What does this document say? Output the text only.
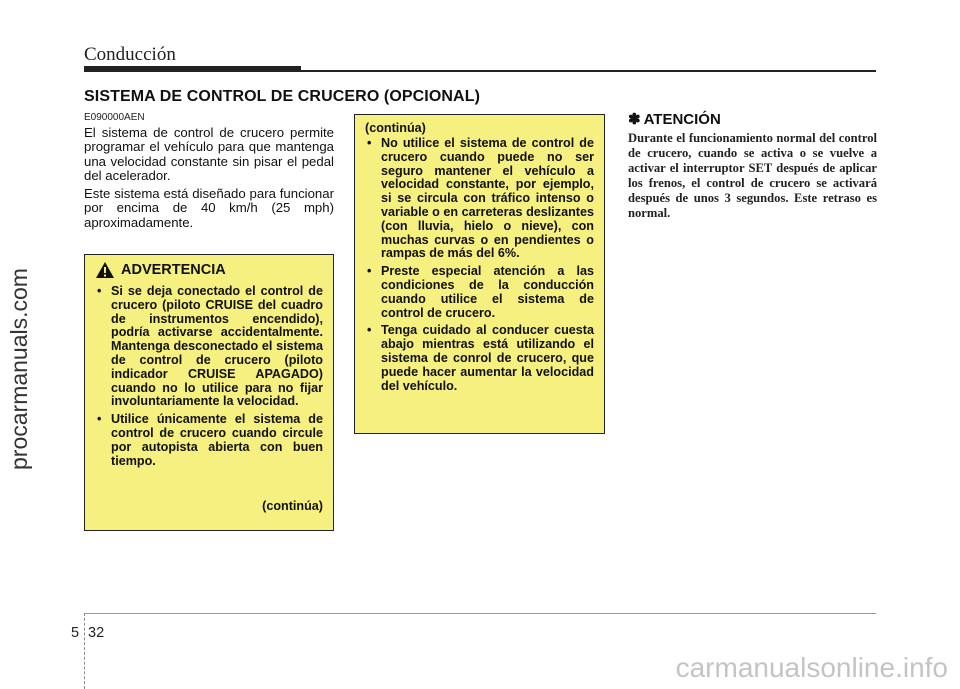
Conducción
SISTEMA DE CONTROL DE CRUCERO (OPCIONAL)
E090000AEN

El sistema de control de crucero permite programar el vehículo para que mantenga una velocidad constante sin pisar el pedal del acelerador.

Este sistema está diseñado para funcionar por encima de 40 km/h (25 mph) aproximadamente.

ADVERTENCIA
• Si se deja conectado el control de crucero (piloto CRUISE del cuadro de instrumentos encendido), podría activarse accidentalmente. Mantenga desconectado el sistema de control de crucero (piloto indicador CRUISE APAGADO) cuando no lo utilice para no fijar involuntariamente la velocidad.
• Utilice únicamente el sistema de control de crucero cuando circule por autopista abierta con buen tiempo.
(continúa)
(continúa)
• No utilice el sistema de control de crucero cuando puede no ser seguro mantener el vehículo a velocidad constante, por ejemplo, si se circula con tráfico intenso o variable o en carreteras deslizantes (con lluvia, hielo o nieve), con muchas curvas o en pendientes o rampas de más del 6%.
• Preste especial atención a las condiciones de la conducción cuando utilice el sistema de control de crucero.
• Tenga cuidado al conducer cuesta abajo mientras está utilizando el sistema de conrol de crucero, que puede hacer aumentar la velocidad del vehículo.
✽ ATENCIÓN

Durante el funcionamiento normal del control de crucero, cuando se activa o se vuelve a activar el interruptor SET después de aplicar los frenos, el control de crucero se activará después de unos 3 segundos. Este retraso es normal.

procarmanuals.com
carmanualsonline.info
5 32
